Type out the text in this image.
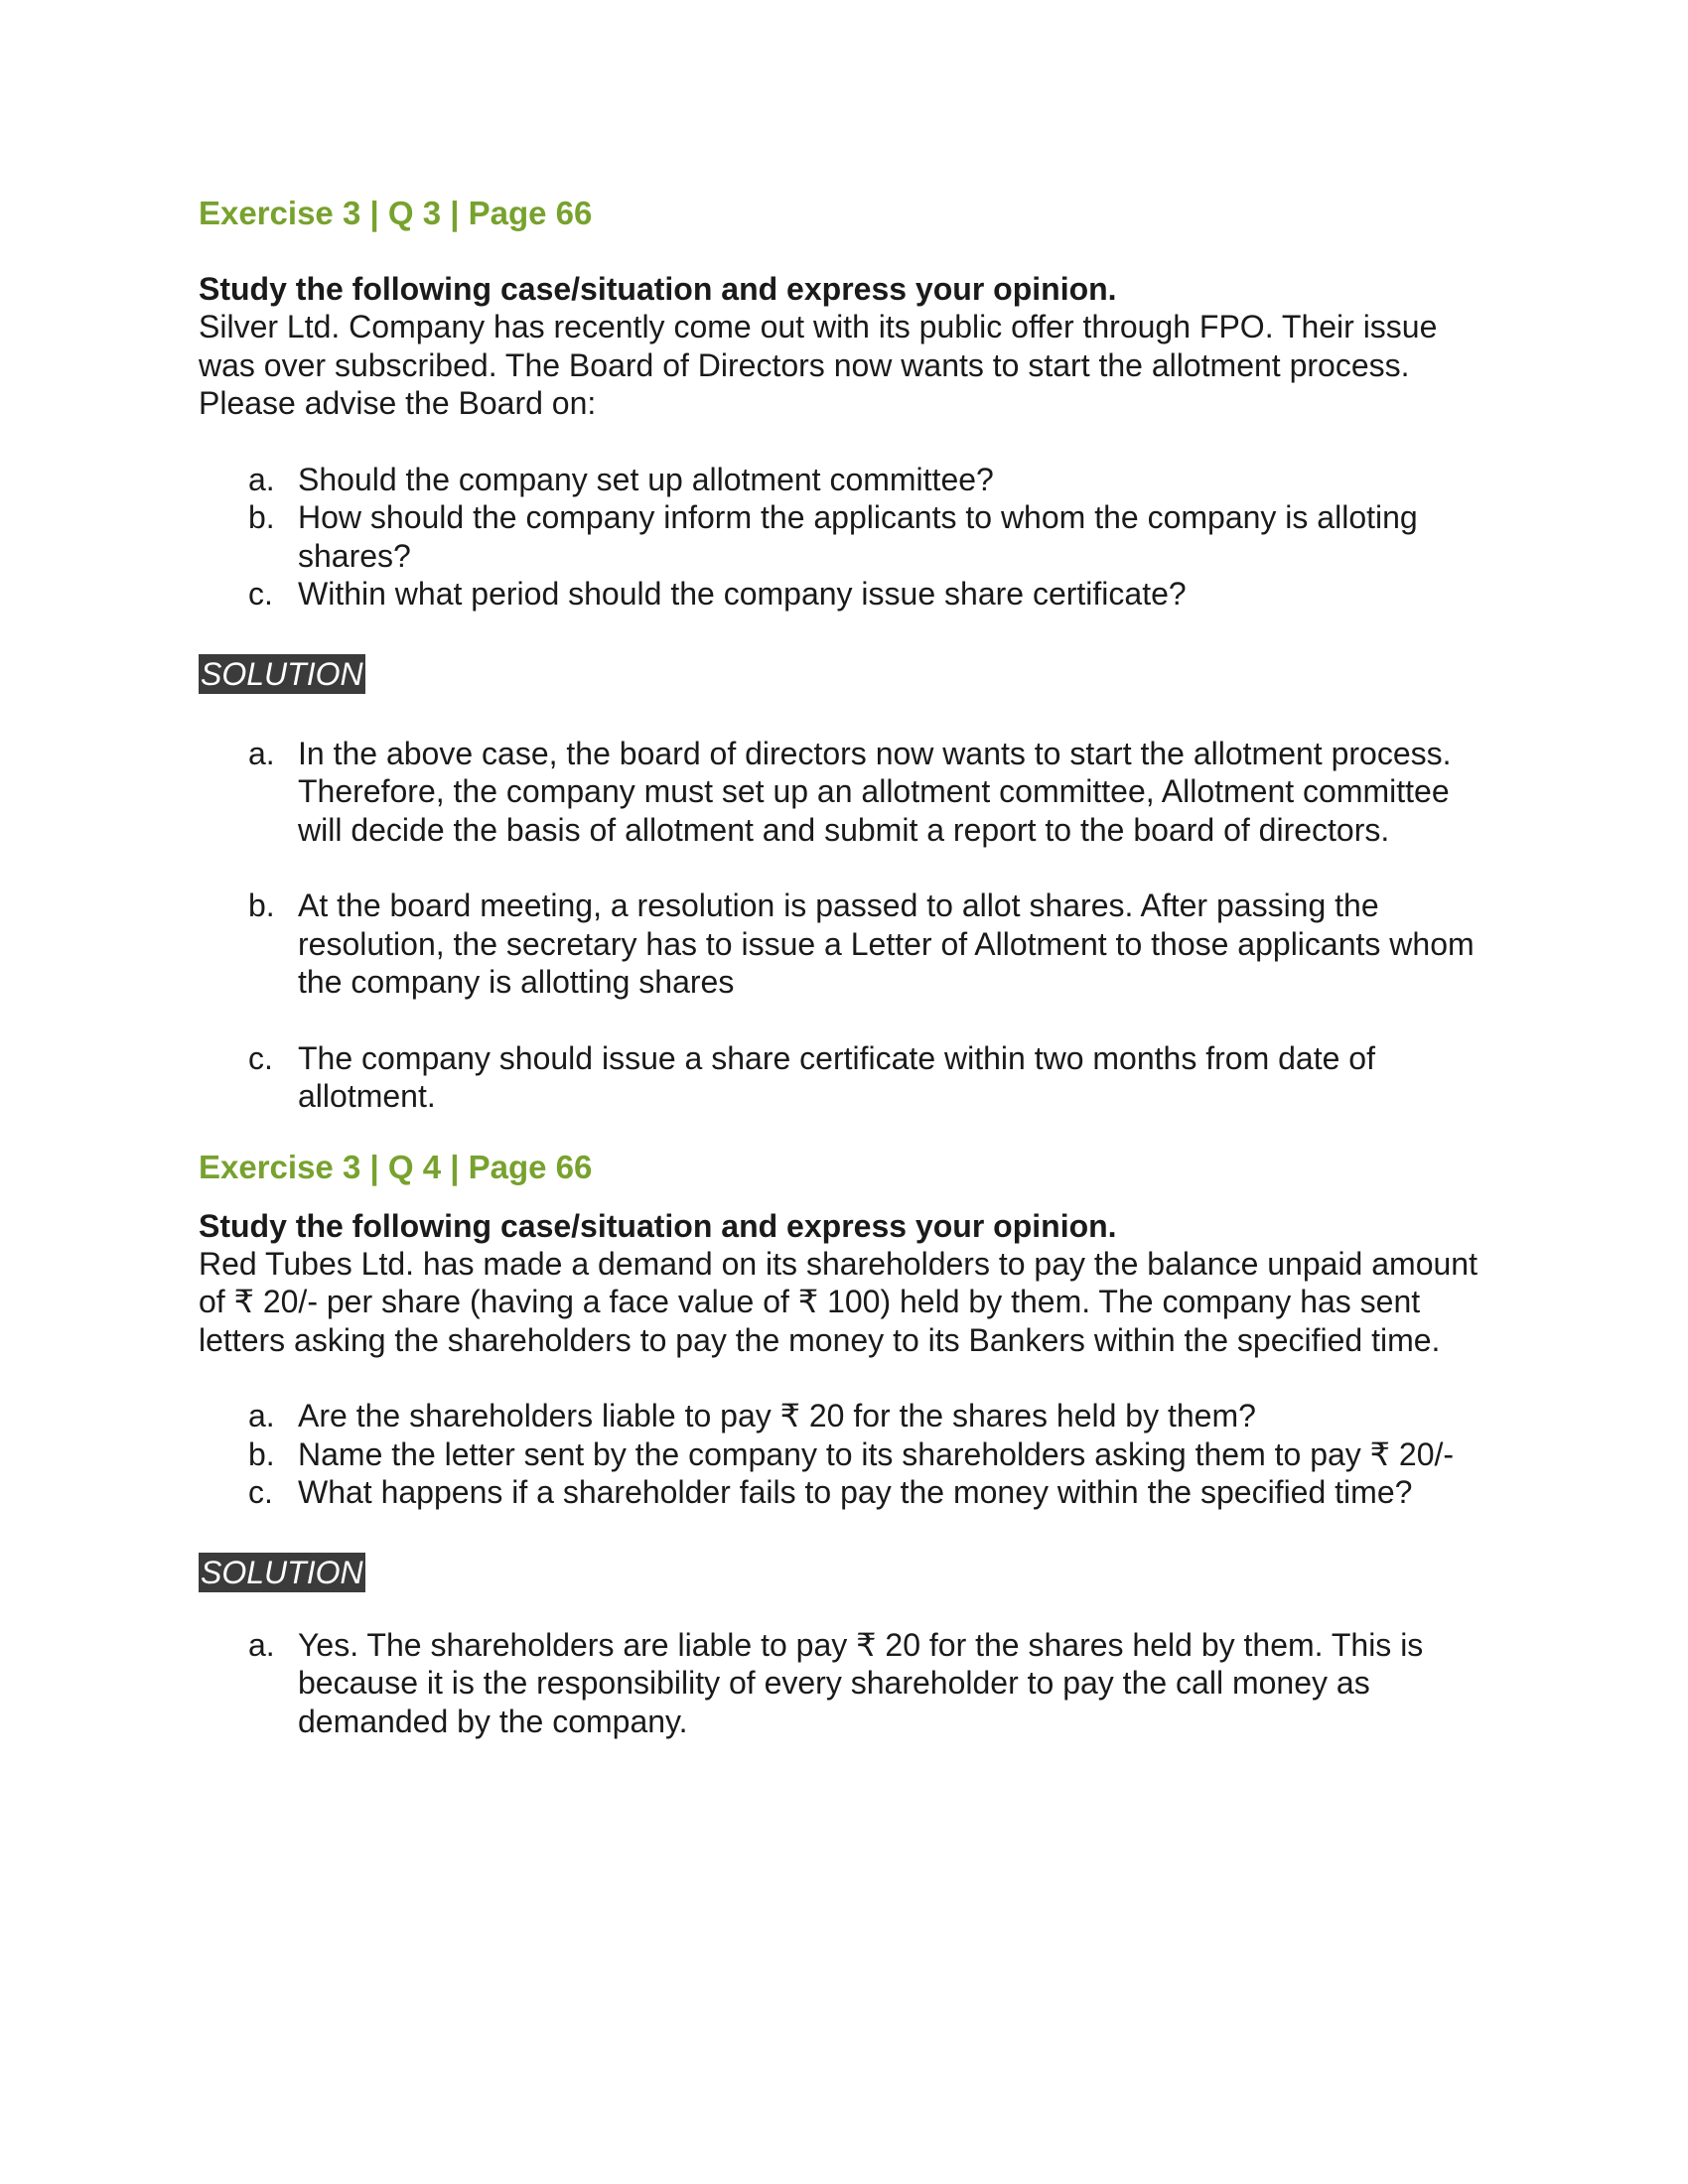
Exercise 3 | Q 3 | Page 66

Study the following case/situation and express your opinion.

Silver Ltd. Company has recently come out with its public offer through FPO. Their issue was over subscribed. The Board of Directors now wants to start the allotment process. Please advise the Board on:

a. Should the company set up allotment committee?
b. How should the company inform the applicants to whom the company is alloting shares?
c. Within what period should the company issue share certificate?
SOLUTION
a. In the above case, the board of directors now wants to start the allotment process. Therefore, the company must set up an allotment committee, Allotment committee will decide the basis of allotment and submit a report to the board of directors.
b. At the board meeting, a resolution is passed to allot shares. After passing the resolution, the secretary has to issue a Letter of Allotment to those applicants whom the company is allotting shares
c. The company should issue a share certificate within two months from date of allotment.
Exercise 3 | Q 4 | Page 66

Study the following case/situation and express your opinion.

Red Tubes Ltd. has made a demand on its shareholders to pay the balance unpaid amount of ₹ 20/- per share (having a face value of ₹ 100) held by them. The company has sent letters asking the shareholders to pay the money to its Bankers within the specified time.

a. Are the shareholders liable to pay ₹ 20 for the shares held by them?
b. Name the letter sent by the company to its shareholders asking them to pay ₹ 20/-
c. What happens if a shareholder fails to pay the money within the specified time?
SOLUTION
a. Yes. The shareholders are liable to pay ₹ 20 for the shares held by them. This is because it is the responsibility of every shareholder to pay the call money as demanded by the company.
